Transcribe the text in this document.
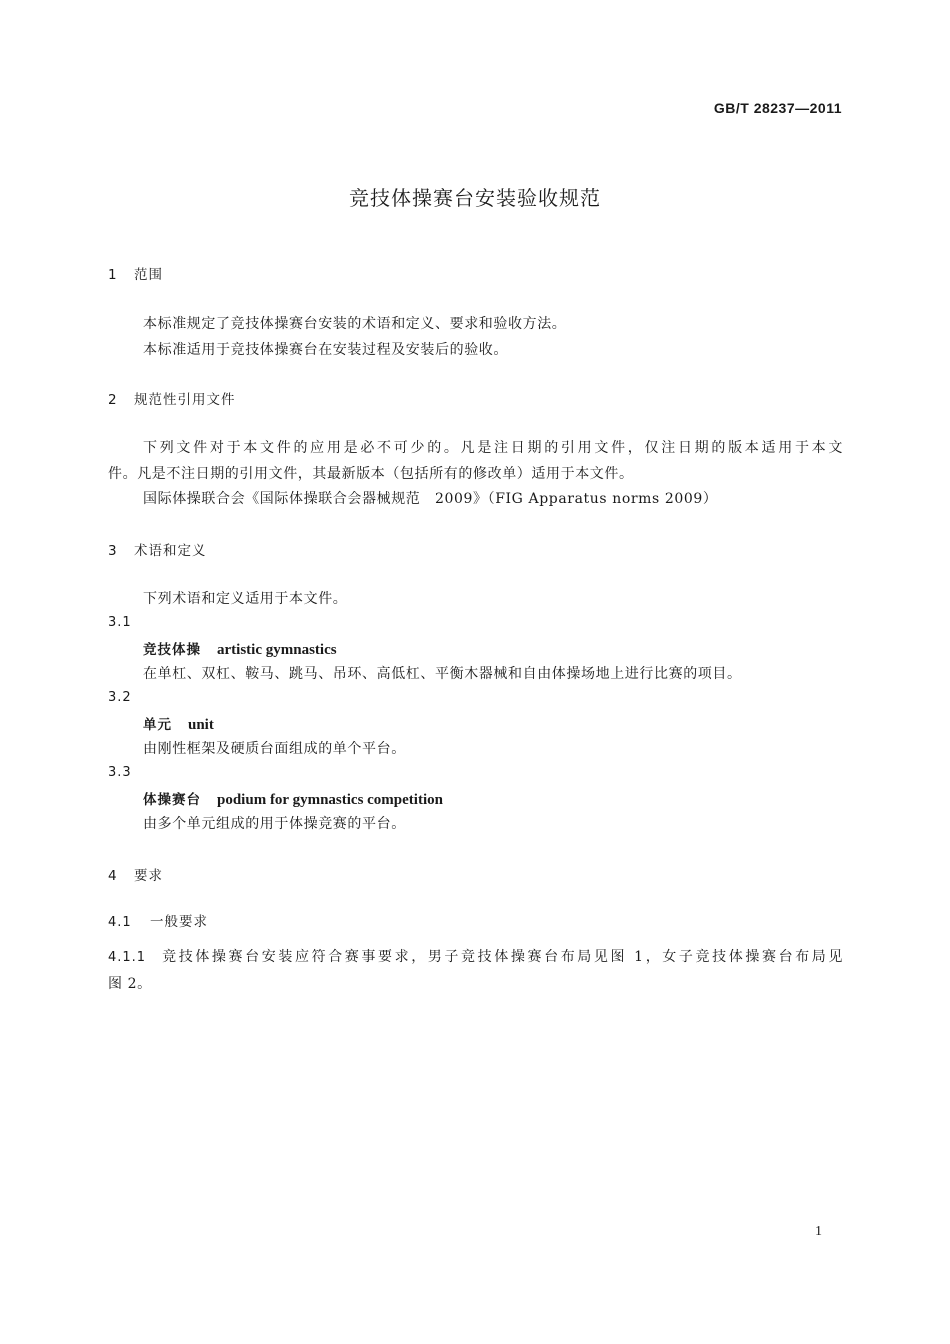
GB/T 28237—2011
竞技体操赛台安装验收规范
1 范围
本标准规定了竞技体操赛台安装的术语和定义、要求和验收方法。
本标准适用于竞技体操赛台在安装过程及安装后的验收。
2 规范性引用文件
下列文件对于本文件的应用是必不可少的。凡是注日期的引用文件，仅注日期的版本适用于本文
件。凡是不注日期的引用文件，其最新版本（包括所有的修改单）适用于本文件。
国际体操联合会《国际体操联合会器械规范　2009》（FIG Apparatus norms 2009）
3 术语和定义
下列术语和定义适用于本文件。
3.1
竞技体操 artistic gymnastics
在单杠、双杠、鞍马、跳马、吊环、高低杠、平衡木器械和自由体操场地上进行比赛的项目。
3.2
单元 unit
由刚性框架及硬质台面组成的单个平台。
3.3
体操赛台 podium for gymnastics competition
由多个单元组成的用于体操竞赛的平台。
4 要求
4.1 一般要求
4.1.1 竞技体操赛台安装应符合赛事要求，男子竞技体操赛台布局见图 1，女子竞技体操赛台布局见
图 2。
1
